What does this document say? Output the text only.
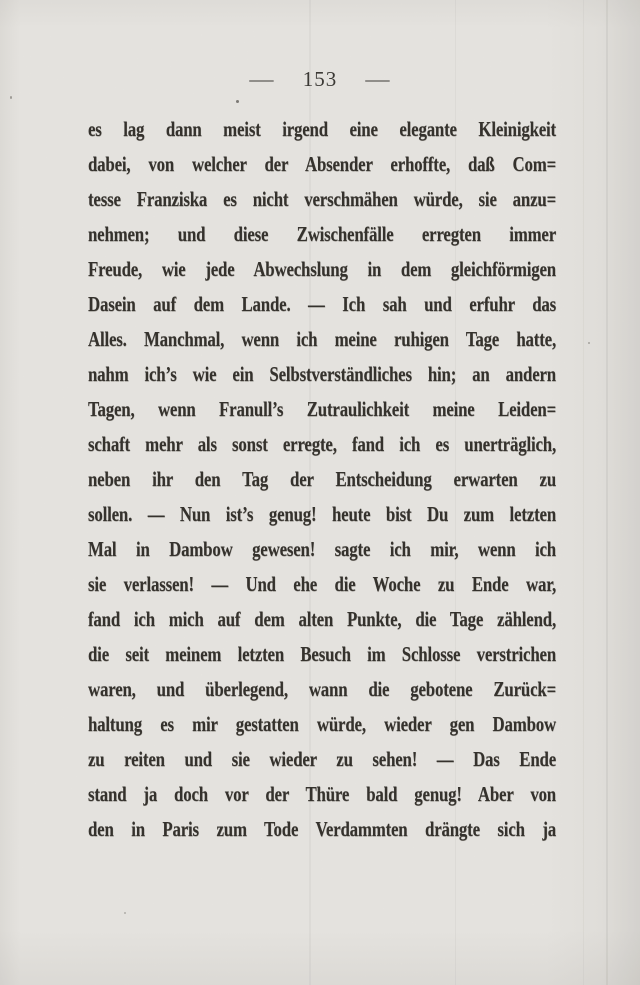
— 153 —
es lag dann meist irgend eine elegante Kleinigkeit
dabei, von welcher der Absender erhoffte, daß Com=
tesse Franziska es nicht verschmähen würde, sie anzu=
nehmen; und diese Zwischenfälle erregten immer
Freude, wie jede Abwechslung in dem gleichförmigen
Dasein auf dem Lande. — Ich sah und erfuhr das
Alles. Manchmal, wenn ich meine ruhigen Tage hatte,
nahm ich’s wie ein Selbstverständliches hin; an andern
Tagen, wenn Franull’s Zutraulichkeit meine Leiden=
schaft mehr als sonst erregte, fand ich es unerträglich,
neben ihr den Tag der Entscheidung erwarten zu
sollen. — Nun ist’s genug! heute bist Du zum letzten
Mal in Dambow gewesen! sagte ich mir, wenn ich
sie verlassen! — Und ehe die Woche zu Ende war,
fand ich mich auf dem alten Punkte, die Tage zählend,
die seit meinem letzten Besuch im Schlosse verstrichen
waren, und überlegend, wann die gebotene Zurück=
haltung es mir gestatten würde, wieder gen Dambow
zu reiten und sie wieder zu sehen! — Das Ende
stand ja doch vor der Thüre bald genug! Aber von
den in Paris zum Tode Verdammten drängte sich ja
